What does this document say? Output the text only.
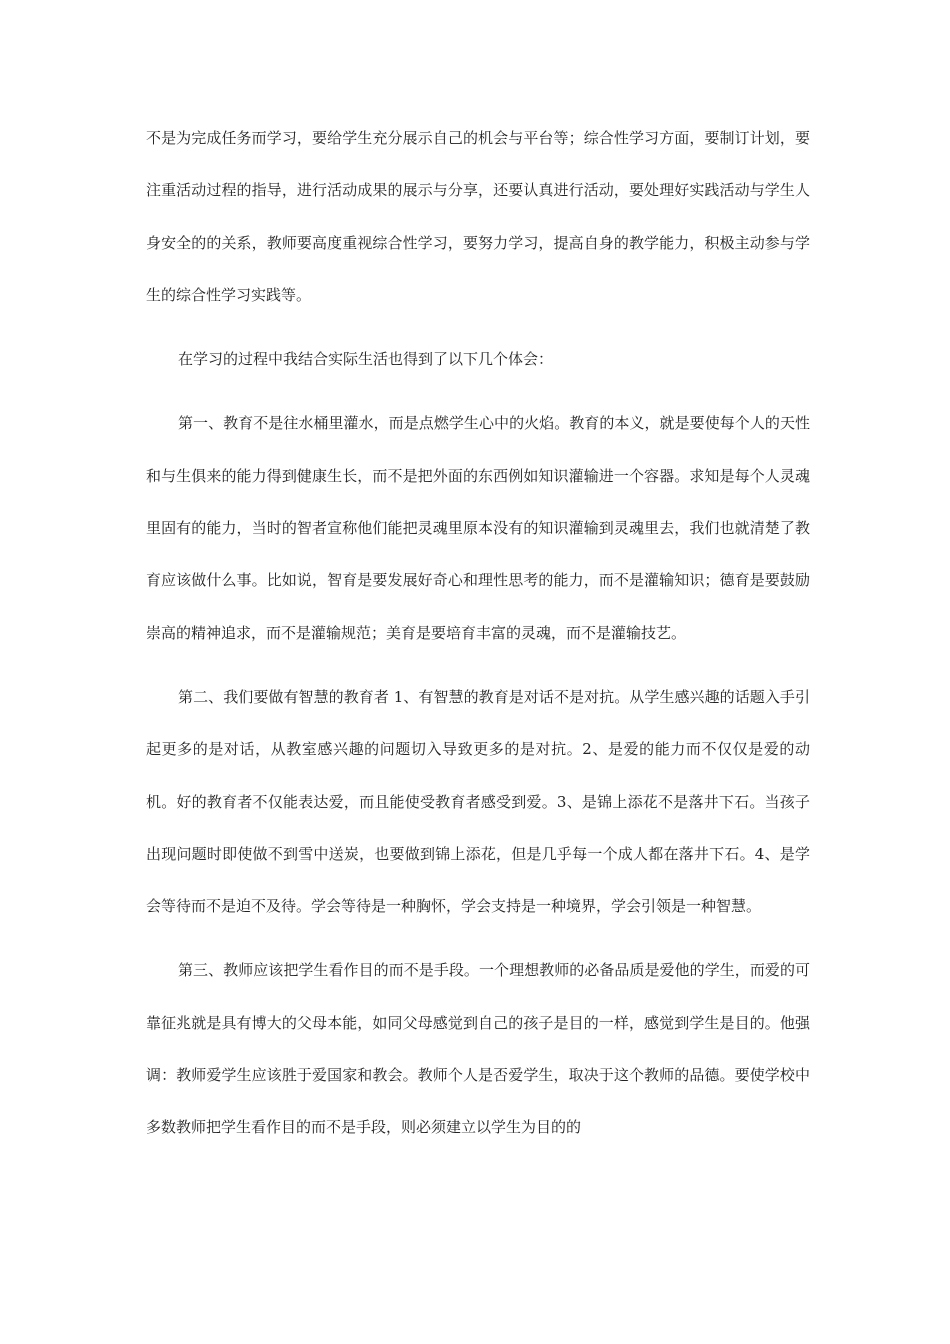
不是为完成任务而学习，要给学生充分展示自己的机会与平台等；综合性学习方面，要制订计划，要注重活动过程的指导，进行活动成果的展示与分享，还要认真进行活动，要处理好实践活动与学生人身安全的的关系，教师要高度重视综合性学习，要努力学习，提高自身的教学能力，积极主动参与学生的综合性学习实践等。

在学习的过程中我结合实际生活也得到了以下几个体会：

第一、教育不是往水桶里灌水，而是点燃学生心中的火焰。教育的本义，就是要使每个人的天性和与生俱来的能力得到健康生长，而不是把外面的东西例如知识灌输进一个容器。求知是每个人灵魂里固有的能力，当时的智者宣称他们能把灵魂里原本没有的知识灌输到灵魂里去，我们也就清楚了教育应该做什么事。比如说，智育是要发展好奇心和理性思考的能力，而不是灌输知识；德育是要鼓励崇高的精神追求，而不是灌输规范；美育是要培育丰富的灵魂，而不是灌输技艺。

第二、我们要做有智慧的教育者 1、有智慧的教育是对话不是对抗。从学生感兴趣的话题入手引起更多的是对话，从教室感兴趣的问题切入导致更多的是对抗。2、是爱的能力而不仅仅是爱的动机。好的教育者不仅能表达爱，而且能使受教育者感受到爱。3、是锦上添花不是落井下石。当孩子出现问题时即使做不到雪中送炭，也要做到锦上添花，但是几乎每一个成人都在落井下石。4、是学会等待而不是迫不及待。学会等待是一种胸怀，学会支持是一种境界，学会引领是一种智慧。

第三、教师应该把学生看作目的而不是手段。一个理想教师的必备品质是爱他的学生，而爱的可靠征兆就是具有博大的父母本能，如同父母感觉到自己的孩子是目的一样，感觉到学生是目的。他强调：教师爱学生应该胜于爱国家和教会。教师个人是否爱学生，取决于这个教师的品德。要使学校中多数教师把学生看作目的而不是手段，则必须建立以学生为目的的
